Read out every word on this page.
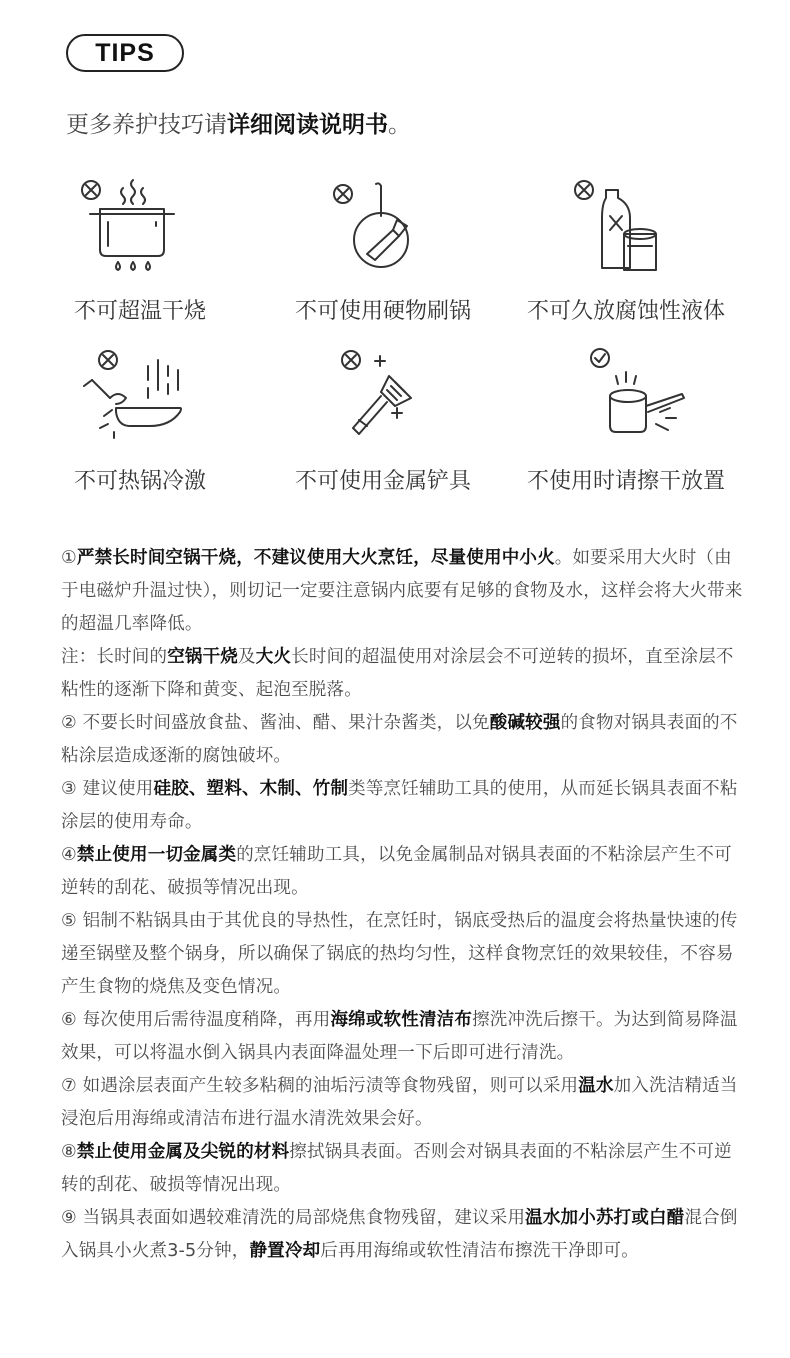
TIPS
更多养护技巧请详细阅读说明书。
不可超温干烧	不可使用硬物刷锅	不可久放腐蚀性液体
不可热锅冷激	不可使用金属铲具	不使用时请擦干放置
①严禁长时间空锅干烧，不建议使用大火烹饪，尽量使用中小火。如要采用大火时（由于电磁炉升温过快），则切记一定要注意锅内底要有足够的食物及水，这样会将大火带来的超温几率降低。
注：长时间的空锅干烧及大火长时间的超温使用对涂层会不可逆转的损坏，直至涂层不粘性的逐渐下降和黄变、起泡至脱落。
② 不要长时间盛放食盐、酱油、醋、果汁杂酱类，以免酸碱较强的食物对锅具表面的不粘涂层造成逐渐的腐蚀破坏。
③ 建议使用硅胶、塑料、木制、竹制类等烹饪辅助工具的使用，从而延长锅具表面不粘涂层的使用寿命。
④禁止使用一切金属类的烹饪辅助工具，以免金属制品对锅具表面的不粘涂层产生不可逆转的刮花、破损等情况出现。
⑤ 铝制不粘锅具由于其优良的导热性，在烹饪时，锅底受热后的温度会将热量快速的传递至锅壁及整个锅身，所以确保了锅底的热均匀性，这样食物烹饪的效果较佳，不容易产生食物的烧焦及变色情况。
⑥ 每次使用后需待温度稍降，再用海绵或软性清洁布擦洗冲洗后擦干。为达到简易降温效果，可以将温水倒入锅具内表面降温处理一下后即可进行清洗。
⑦ 如遇涂层表面产生较多粘稠的油垢污渍等食物残留，则可以采用温水加入洗洁精适当浸泡后用海绵或清洁布进行温水清洗效果会好。
⑧禁止使用金属及尖锐的材料擦拭锅具表面。否则会对锅具表面的不粘涂层产生不可逆转的刮花、破损等情况出现。
⑨ 当锅具表面如遇较难清洗的局部烧焦食物残留，建议采用温水加小苏打或白醋混合倒入锅具小火煮3-5分钟，静置冷却后再用海绵或软性清洁布擦洗干净即可。
